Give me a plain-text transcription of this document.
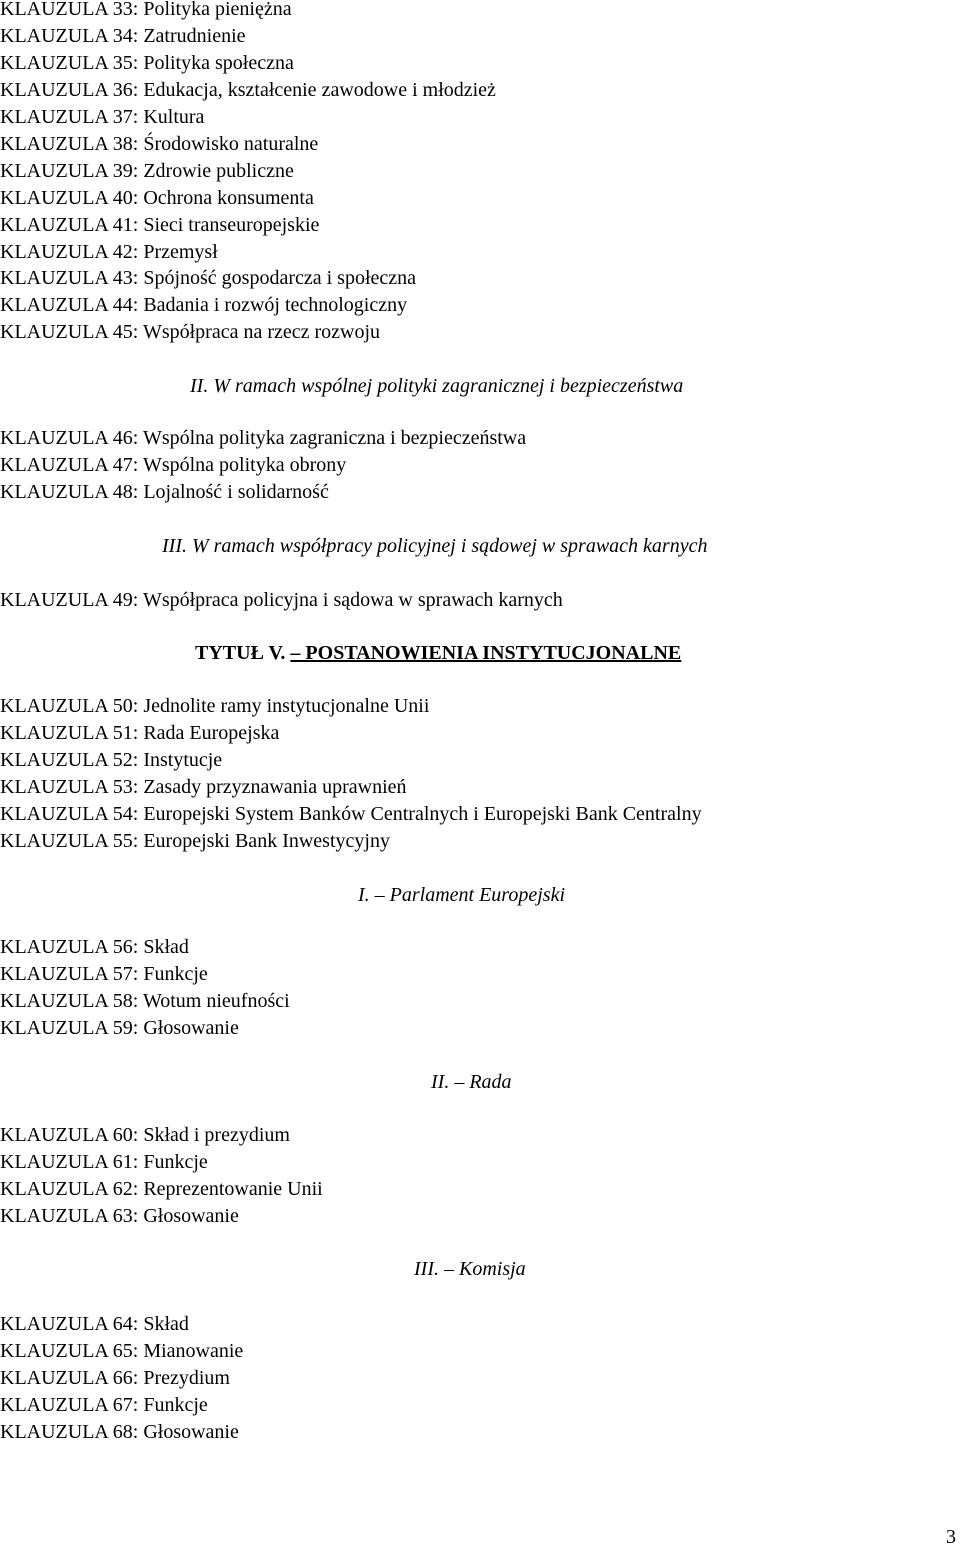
KLAUZULA 33: Polityka pieniężna
KLAUZULA 34: Zatrudnienie
KLAUZULA 35: Polityka społeczna
KLAUZULA 36: Edukacja, kształcenie zawodowe i młodzież
KLAUZULA 37: Kultura
KLAUZULA 38: Środowisko naturalne
KLAUZULA 39: Zdrowie publiczne
KLAUZULA 40: Ochrona konsumenta
KLAUZULA 41: Sieci transeuropejskie
KLAUZULA 42: Przemysł
KLAUZULA 43: Spójność gospodarcza i społeczna
KLAUZULA 44: Badania i rozwój technologiczny
KLAUZULA 45: Współpraca na rzecz rozwoju
II. W ramach wspólnej polityki zagranicznej i bezpieczeństwa
KLAUZULA 46: Wspólna polityka zagraniczna i bezpieczeństwa
KLAUZULA 47: Wspólna polityka obrony
KLAUZULA 48: Lojalność i solidarność
III. W ramach współpracy policyjnej i sądowej w sprawach karnych
KLAUZULA 49: Współpraca policyjna i sądowa w sprawach karnych
TYTUŁ V. – POSTANOWIENIA INSTYTUCJONALNE
KLAUZULA 50: Jednolite ramy instytucjonalne Unii
KLAUZULA 51: Rada Europejska
KLAUZULA 52: Instytucje
KLAUZULA 53: Zasady przyznawania uprawnień
KLAUZULA 54: Europejski System Banków Centralnych i Europejski Bank Centralny
KLAUZULA 55: Europejski Bank Inwestycyjny
I. – Parlament Europejski
KLAUZULA 56: Skład
KLAUZULA 57: Funkcje
KLAUZULA 58: Wotum nieufności
KLAUZULA 59: Głosowanie
II. – Rada
KLAUZULA 60: Skład i prezydium
KLAUZULA 61: Funkcje
KLAUZULA 62: Reprezentowanie Unii
KLAUZULA 63: Głosowanie
III. – Komisja
KLAUZULA 64: Skład
KLAUZULA 65: Mianowanie
KLAUZULA 66: Prezydium
KLAUZULA 67: Funkcje
KLAUZULA 68: Głosowanie
3
